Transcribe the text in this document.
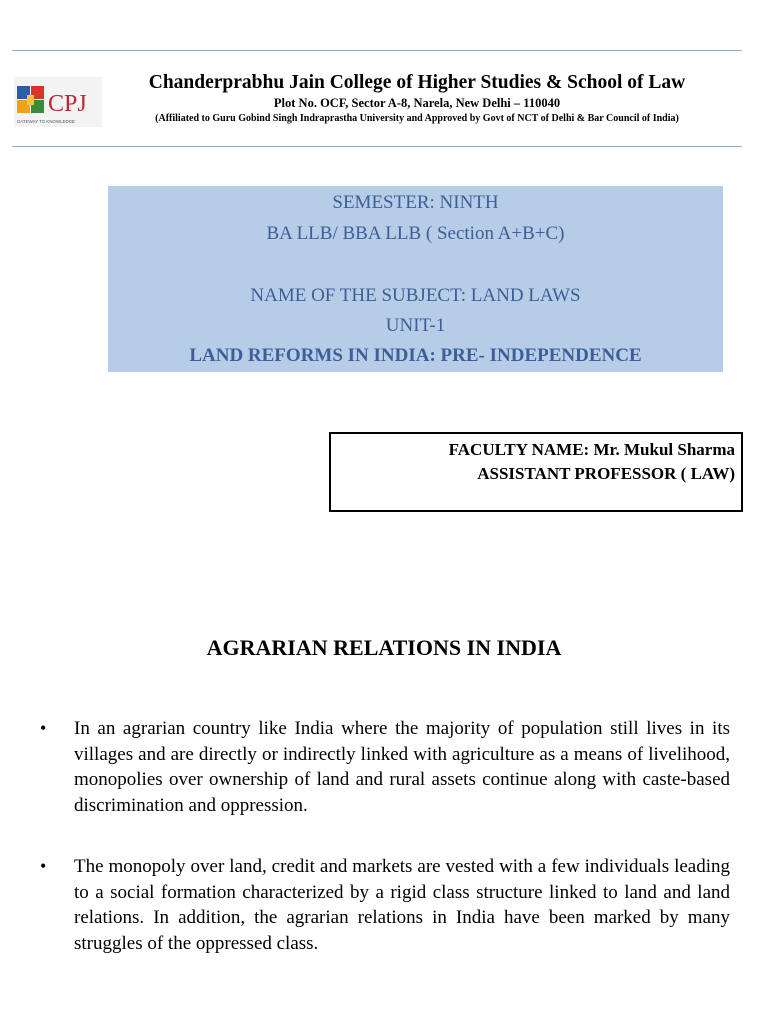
CPJ
GATEWAY TO KNOWLEDGE
Chanderprabhu Jain College of Higher Studies & School of Law
Plot No. OCF, Sector A-8, Narela, New Delhi – 110040
(Affiliated to Guru Gobind Singh Indraprastha University and Approved by Govt of NCT of Delhi & Bar Council of India)
SEMESTER: NINTH
BA LLB/ BBA LLB ( Section A+B+C)
NAME OF THE SUBJECT: LAND LAWS
UNIT-1
LAND REFORMS IN INDIA: PRE- INDEPENDENCE
FACULTY NAME: Mr. Mukul Sharma
ASSISTANT PROFESSOR ( LAW)
AGRARIAN RELATIONS IN INDIA
• In an agrarian country like India where the majority of population still lives in its villages and are directly or indirectly linked with agriculture as a means of livelihood, monopolies over ownership of land and rural assets continue along with caste-based discrimination and oppression.
• The monopoly over land, credit and markets are vested with a few individuals leading to a social formation characterized by a rigid class structure linked to land and land relations. In addition, the agrarian relations in India have been marked by many struggles of the oppressed class.
